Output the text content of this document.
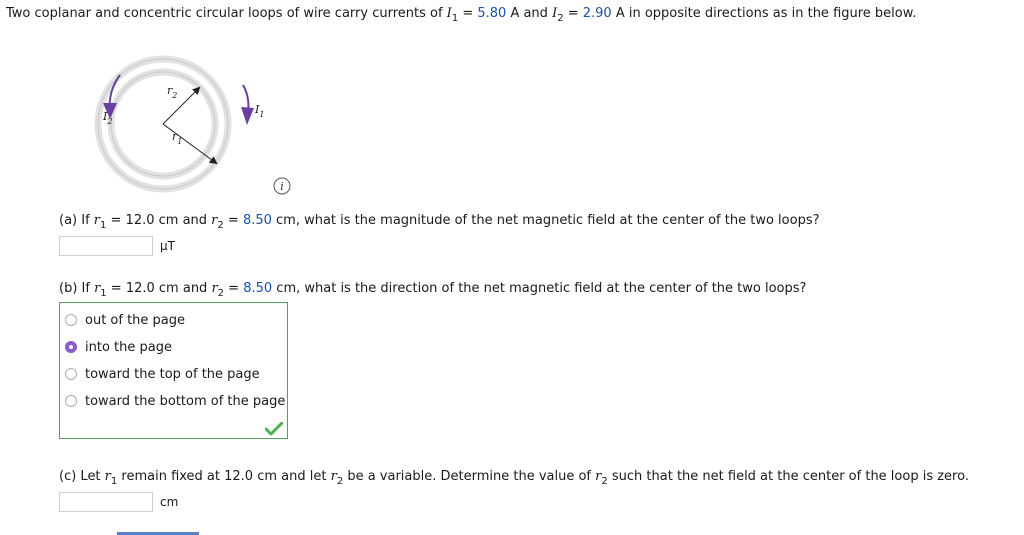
Two coplanar and concentric circular loops of wire carry currents of $I_1 = 5.80$ A and $I_2 = 2.90$ A in opposite directions as in the figure below.
$r_2$
$r_1$
$I_2$
$I_1$
i
(a) If $r_1 = 12.0$ cm and $r_2 = 8.50$ cm, what is the magnitude of the net magnetic field at the center of the two loops?
µT
(b) If $r_1 = 12.0$ cm and $r_2 = 8.50$ cm, what is the direction of the net magnetic field at the center of the two loops?
out of the page
into the page
toward the top of the page
toward the bottom of the page
(c) Let $r_1$ remain fixed at 12.0 cm and let $r_2$ be a variable. Determine the value of $r_2$ such that the net field at the center of the loop is zero.
cm
